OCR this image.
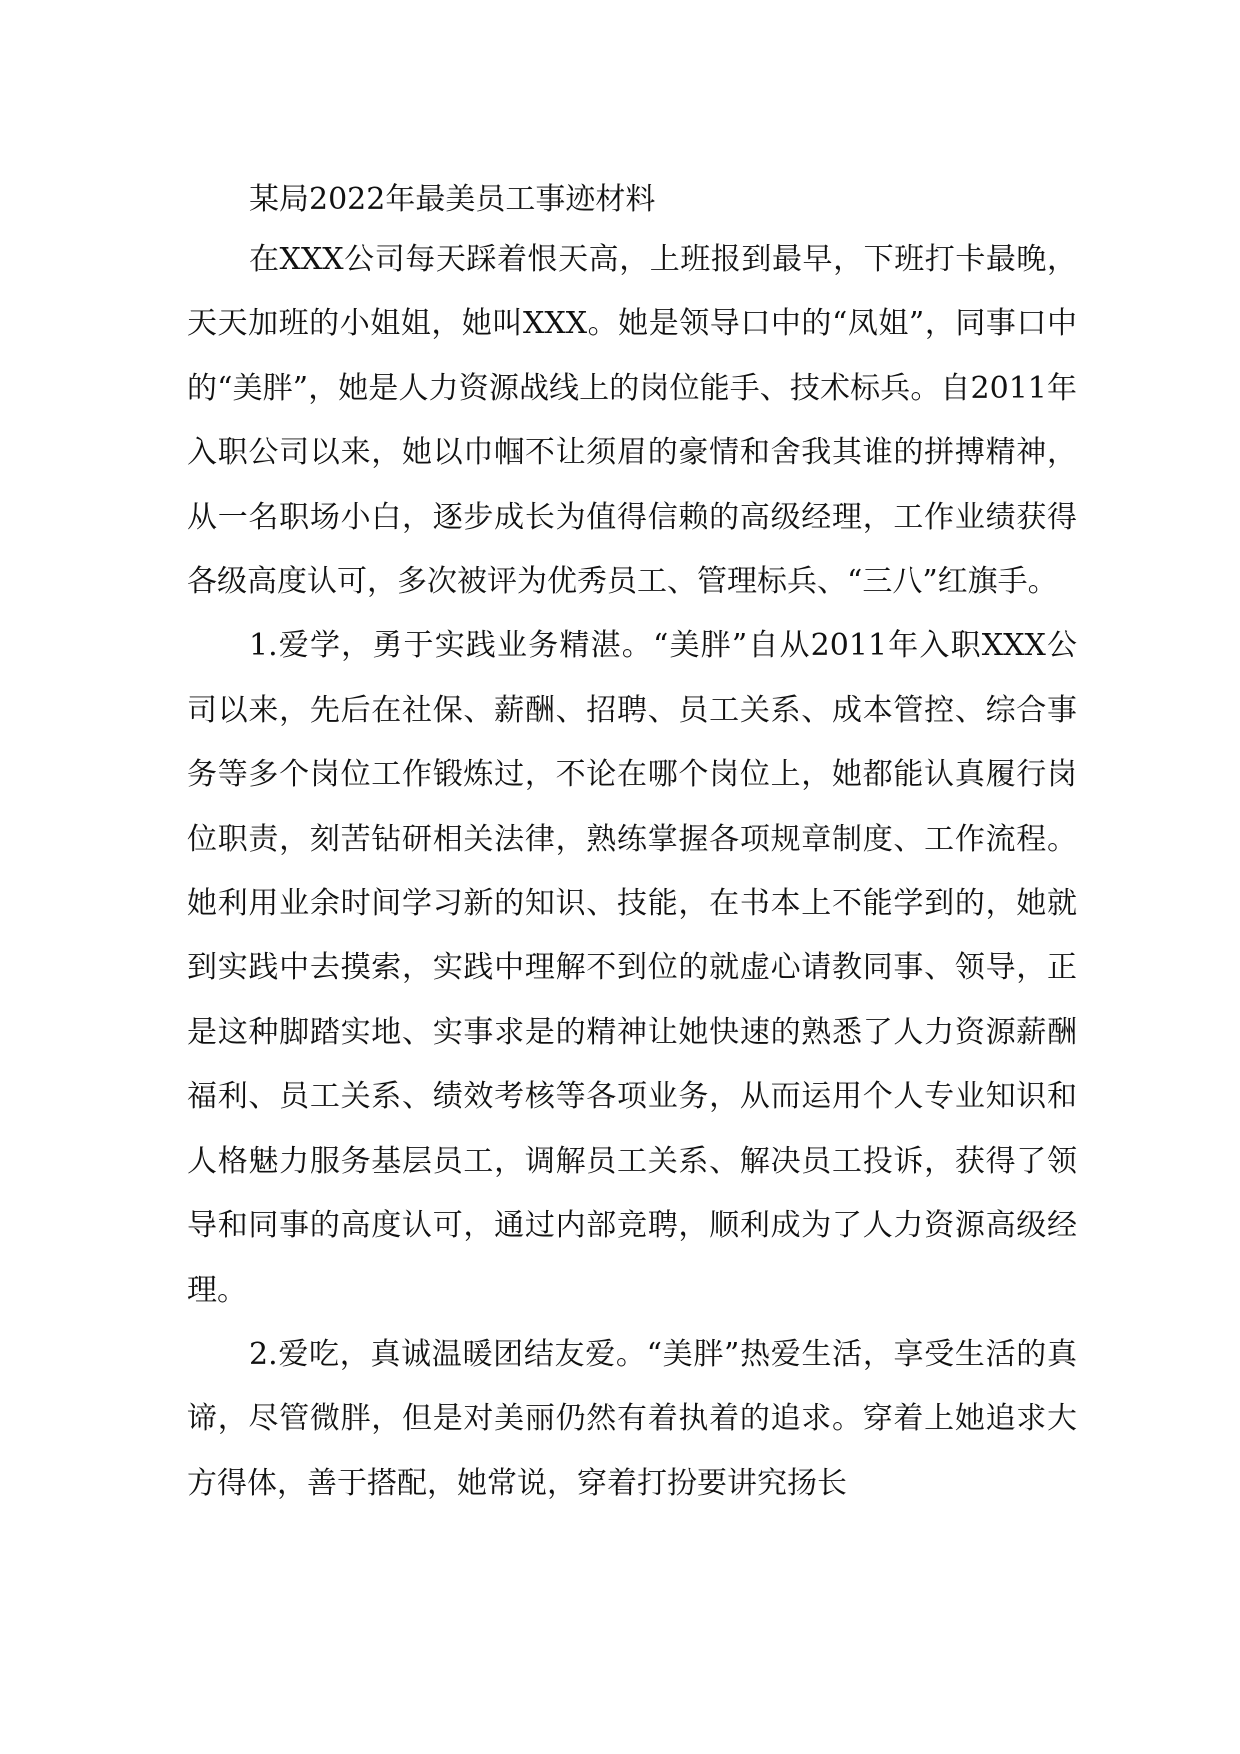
某局2022年最美员工事迹材料

在XXX公司每天踩着恨天高，上班报到最早，下班打卡最晚，天天加班的小姐姐，她叫XXX。她是领导口中的“凤姐”，同事口中的“美胖”，她是人力资源战线上的岗位能手、技术标兵。自2011年入职公司以来，她以巾帼不让须眉的豪情和舍我其谁的拼搏精神，从一名职场小白，逐步成长为值得信赖的高级经理，工作业绩获得各级高度认可，多次被评为优秀员工、管理标兵、“三八”红旗手。

1.爱学，勇于实践业务精湛。“美胖”自从2011年入职XXX公司以来，先后在社保、薪酬、招聘、员工关系、成本管控、综合事务等多个岗位工作锻炼过，不论在哪个岗位上，她都能认真履行岗位职责，刻苦钻研相关法律，熟练掌握各项规章制度、工作流程。她利用业余时间学习新的知识、技能，在书本上不能学到的，她就到实践中去摸索，实践中理解不到位的就虚心请教同事、领导，正是这种脚踏实地、实事求是的精神让她快速的熟悉了人力资源薪酬福利、员工关系、绩效考核等各项业务，从而运用个人专业知识和人格魅力服务基层员工，调解员工关系、解决员工投诉，获得了领导和同事的高度认可，通过内部竞聘，顺利成为了人力资源高级经理。

2.爱吃，真诚温暖团结友爱。“美胖”热爱生活，享受生活的真谛，尽管微胖，但是对美丽仍然有着执着的追求。穿着上她追求大方得体，善于搭配，她常说，穿着打扮要讲究扬长
